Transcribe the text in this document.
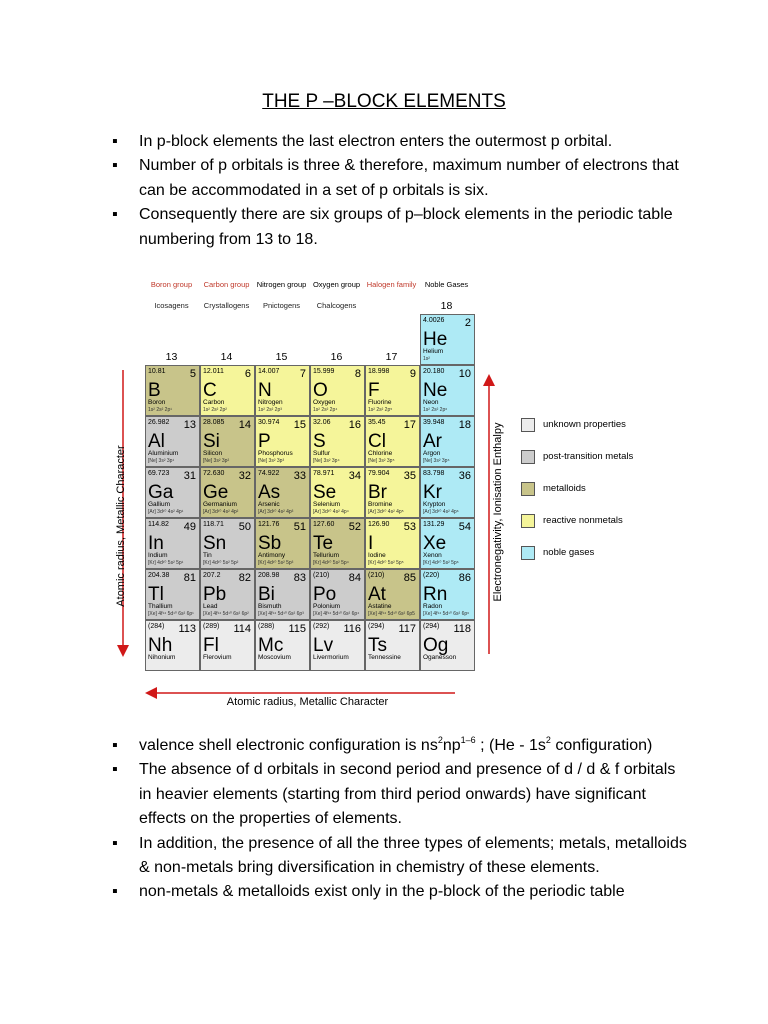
THE P –BLOCK ELEMENTS
▪ In p-block elements the last electron enters the outermost p orbital.
▪ Number of p orbitals is three & therefore, maximum number of electrons that can be accommodated in a set of p orbitals is six.
▪ Consequently there are six groups of p–block elements in the periodic table numbering from 13 to 18.
Boron group
Icosagens
13
Carbon group
Crystallogens
14
Nitrogen group
Pnictogens
15
Oxygen group
Chalcogens
16
Halogen family
17
Noble Gases
18
4.0026 2
He
Helium
1s²
10.81 5
B
Boron
1s² 2s² 2p¹
12.011 6
C
Carbon
1s² 2s² 2p²
14.007 7
N
Nitrogen
1s² 2s² 2p³
15.999 8
O
Oxygen
1s² 2s² 2p⁴
18.998 9
F
Fluorine
1s² 2s² 2p⁵
20.180 10
Ne
Neon
1s² 2s² 2p⁶
26.982 13
Al
Aluminium
[Ne] 3s² 3p¹
28.085 14
Si
Silicon
[Ne] 3s² 3p²
30.974 15
P
Phosphorus
[Ne] 3s² 3p³
32.06 16
S
Sulfur
[Ne] 3s² 3p⁴
35.45 17
Cl
Chlorine
[Ne] 3s² 3p⁵
39.948 18
Ar
Argon
[Ne] 3s² 3p⁶
69.723 31
Ga
Gallium
[Ar] 3d¹⁰ 4s² 4p¹
72.630 32
Ge
Germanium
[Ar] 3d¹⁰ 4s² 4p²
74.922 33
As
Arsenic
[Ar] 3d¹⁰ 4s² 4p³
78.971 34
Se
Selenium
[Ar] 3d¹⁰ 4s² 4p⁴
79.904 35
Br
Bromine
[Ar] 3d¹⁰ 4s² 4p⁵
83.798 36
Kr
Krypton
[Ar] 3d¹⁰ 4s² 4p⁶
114.82 49
In
Indium
[Kr] 4d¹⁰ 5s² 5p¹
118.71 50
Sn
Tin
[Kr] 4d¹⁰ 5s² 5p²
121.76 51
Sb
Antimony
[Kr] 4d¹⁰ 5s² 5p³
127.60 52
Te
Tellurium
[Kr] 4d¹⁰ 5s² 5p⁴
126.90 53
I
Iodine
[Kr] 4d¹⁰ 5s² 5p⁵
131.29 54
Xe
Xenon
[Kr] 4d¹⁰ 5s² 5p⁶
204.38 81
Tl
Thallium
[Xe] 4f¹⁴ 5d¹⁰ 6s² 6p¹
207.2 82
Pb
Lead
[Xe] 4f¹⁴ 5d¹⁰ 6s² 6p²
208.98 83
Bi
Bismuth
[Xe] 4f¹⁴ 5d¹⁰ 6s² 6p³
(210) 84
Po
Polonium
[Xe] 4f¹⁴ 5d¹⁰ 6s² 6p⁴
(210) 85
At
Astatine
[Xe] 4f¹⁴ 5d¹⁰ 6s² 6p5
(220) 86
Rn
Radon
[Xe] 4f¹⁴ 5d¹⁰ 6s² 6p⁶
(284) 113
Nh
Nihonium
(289) 114
Fl
Flerovium
(288) 115
Mc
Moscovium
(292) 116
Lv
Livermorium
(294) 117
Ts
Tennessine
(294) 118
Og
Oganesson
Atomic radius, Metallic Character	Electronegativity, Ionisation Enthalpy
Atomic radius, Metallic Character
unknown properties
post-transition metals
metalloids
reactive nonmetals
noble gases
▪ valence shell electronic configuration is $ns^2np^{1-6}$ ; ($He - 1s^2$ configuration)
▪ The absence of d orbitals in second period and presence of d / d & f orbitals in heavier elements (starting from third period onwards) have significant effects on the properties of elements.
▪ In addition, the presence of all the three types of elements; metals, metalloids & non-metals bring diversification in chemistry of these elements.
▪ non-metals & metalloids exist only in the p-block of the periodic table
